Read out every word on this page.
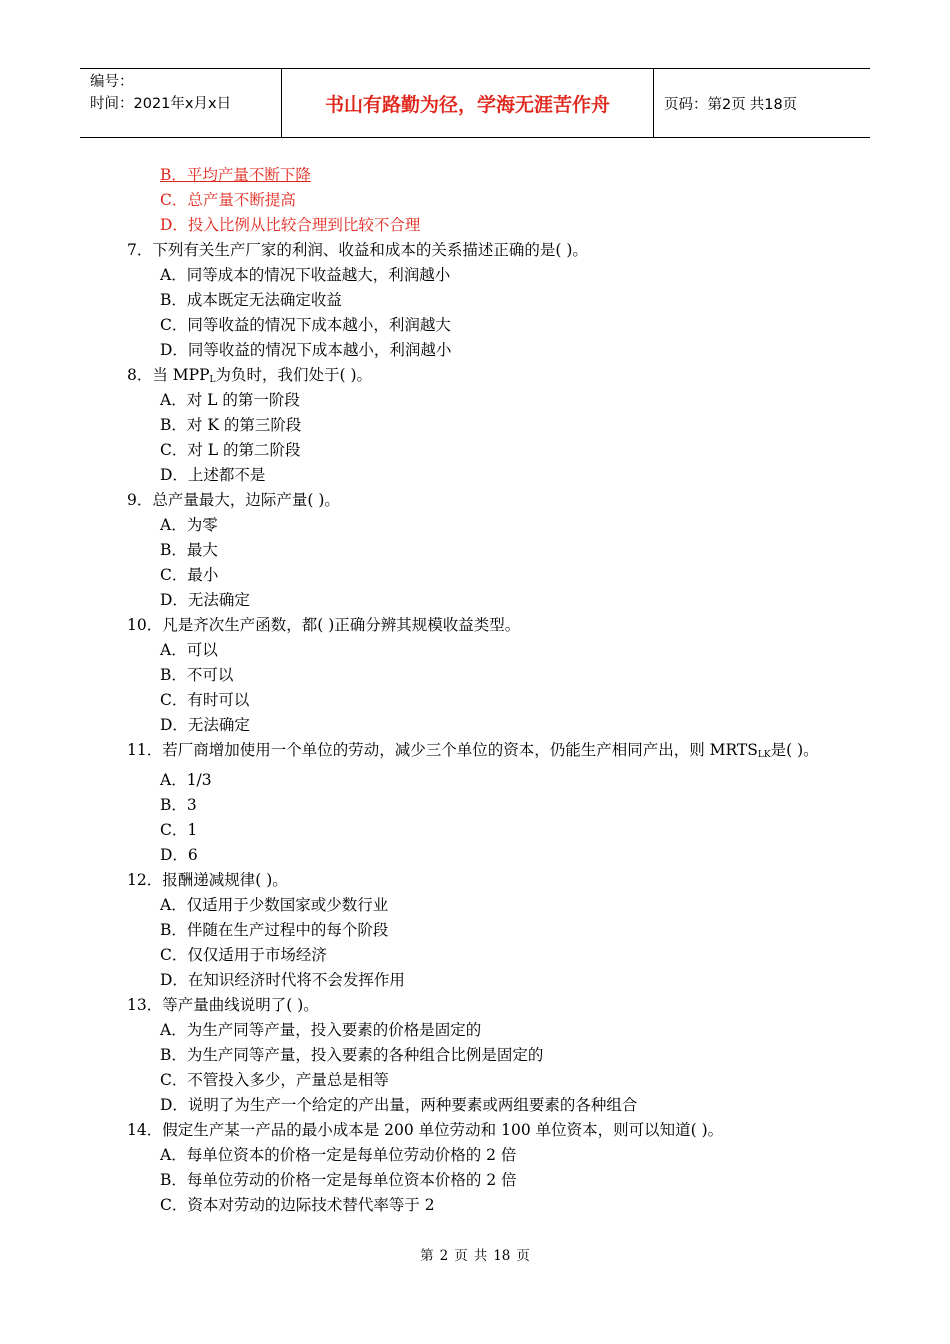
编号：
时间：2021年x月x日	书山有路勤为径，学海无涯苦作舟	页码：第2页 共18页
B．平均产量不断下降
C．总产量不断提高
D．投入比例从比较合理到比较不合理
7．下列有关生产厂家的利润、收益和成本的关系描述正确的是( )。
A．同等成本的情况下收益越大，利润越小
B．成本既定无法确定收益
C．同等收益的情况下成本越小，利润越大
D．同等收益的情况下成本越小，利润越小
8．当 $MPP_L$为负时，我们处于( )。
A．对 L 的第一阶段
B．对 K 的第三阶段
C．对 L 的第二阶段
D．上述都不是
9．总产量最大，边际产量( )。
A．为零
B．最大
C．最小
D．无法确定
10．凡是齐次生产函数，都( )正确分辨其规模收益类型。
A．可以
B．不可以
C．有时可以
D．无法确定
11．若厂商增加使用一个单位的劳动，减少三个单位的资本，仍能生产相同产出，则 $MRTS_{LK}$是( )。
A．1/3
B．3
C．1
D．6
12．报酬递减规律( )。
A．仅适用于少数国家或少数行业
B．伴随在生产过程中的每个阶段
C．仅仅适用于市场经济
D．在知识经济时代将不会发挥作用
13．等产量曲线说明了( )。
A．为生产同等产量，投入要素的价格是固定的
B．为生产同等产量，投入要素的各种组合比例是固定的
C．不管投入多少，产量总是相等
D．说明了为生产一个给定的产出量，两种要素或两组要素的各种组合
14．假定生产某一产品的最小成本是 200 单位劳动和 100 单位资本，则可以知道( )。
A．每单位资本的价格一定是每单位劳动价格的 2 倍
B．每单位劳动的价格一定是每单位资本价格的 2 倍
C．资本对劳动的边际技术替代率等于 2
第 2 页 共 18 页
